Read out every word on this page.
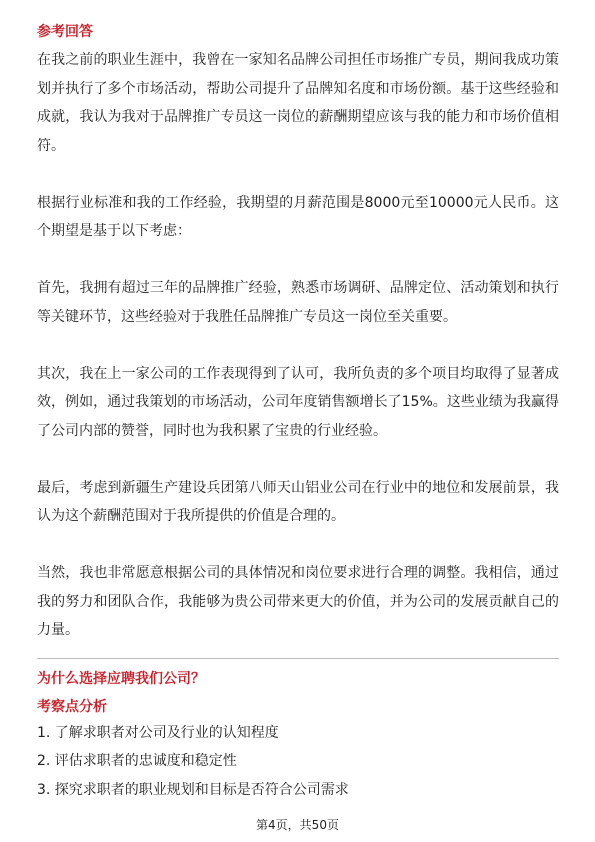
参考回答

在我之前的职业生涯中，我曾在一家知名品牌公司担任市场推广专员，期间我成功策划并执行了多个市场活动，帮助公司提升了品牌知名度和市场份额。基于这些经验和成就，我认为我对于品牌推广专员这一岗位的薪酬期望应该与我的能力和市场价值相符。

根据行业标准和我的工作经验，我期望的月薪范围是8000元至10000元人民币。这个期望是基于以下考虑：

首先，我拥有超过三年的品牌推广经验，熟悉市场调研、品牌定位、活动策划和执行等关键环节，这些经验对于我胜任品牌推广专员这一岗位至关重要。

其次，我在上一家公司的工作表现得到了认可，我所负责的多个项目均取得了显著成效，例如，通过我策划的市场活动，公司年度销售额增长了15%。这些业绩为我赢得了公司内部的赞誉，同时也为我积累了宝贵的行业经验。

最后，考虑到新疆生产建设兵团第八师天山铝业公司在行业中的地位和发展前景，我认为这个薪酬范围对于我所提供的价值是合理的。

当然，我也非常愿意根据公司的具体情况和岗位要求进行合理的调整。我相信，通过我的努力和团队合作，我能够为贵公司带来更大的价值，并为公司的发展贡献自己的力量。

为什么选择应聘我们公司？

考察点分析

1. 了解求职者对公司及行业的认知程度

2. 评估求职者的忠诚度和稳定性

3. 探究求职者的职业规划和目标是否符合公司需求

第4页，共50页
